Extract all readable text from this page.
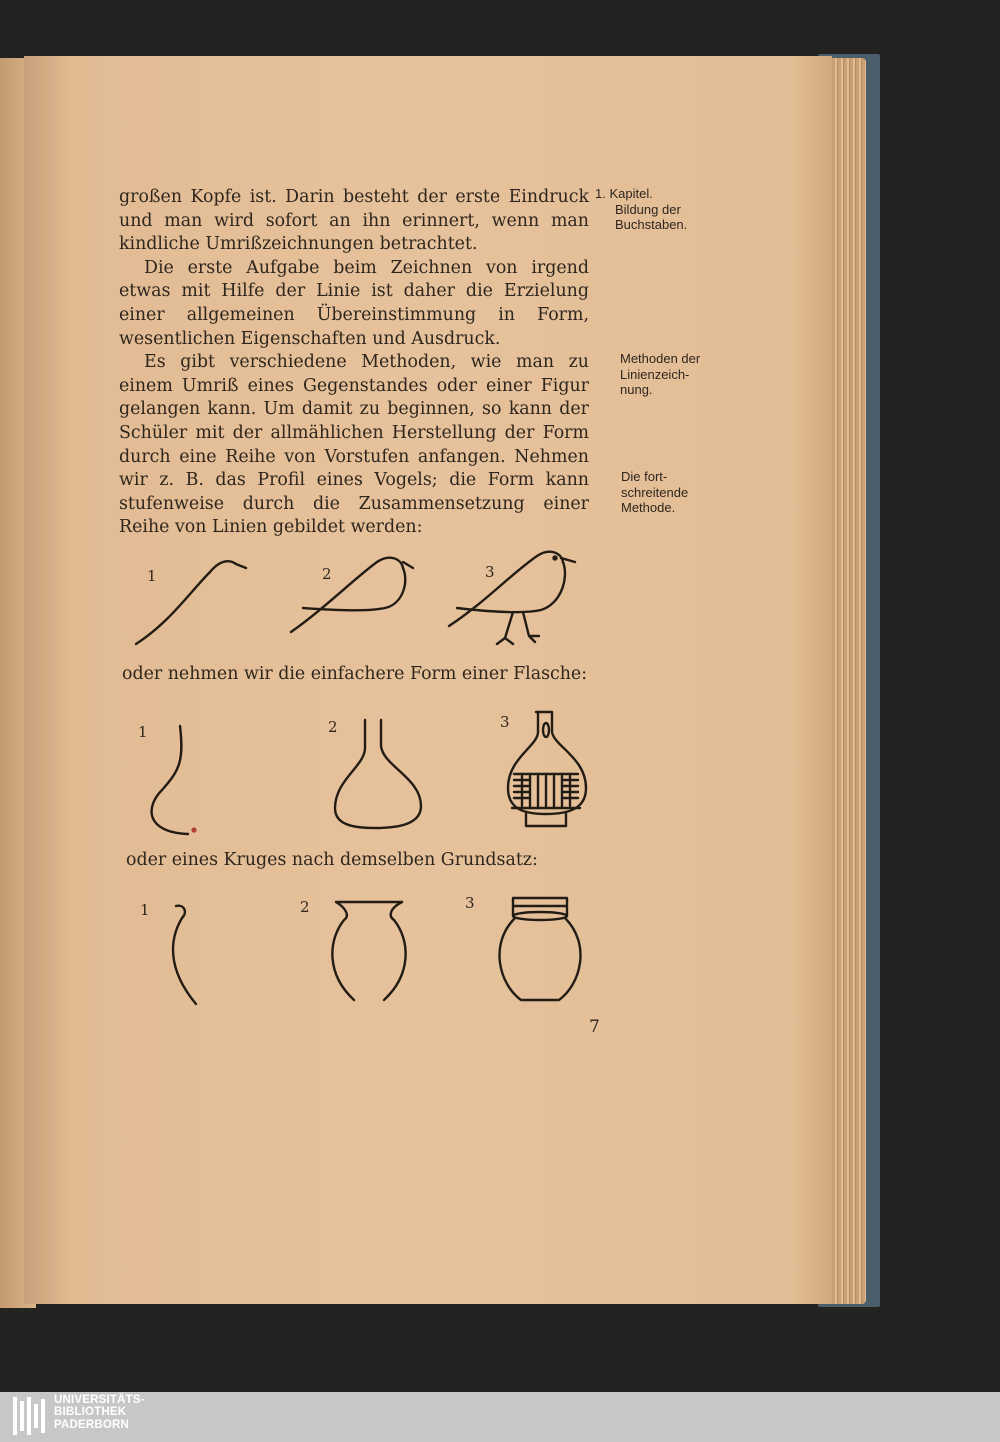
großen Kopfe ist. Darin besteht der erste Eindruck und man wird sofort an ihn erinnert, wenn man kindliche Umrißzeichnungen betrachtet.

Die erste Aufgabe beim Zeichnen von irgend etwas mit Hilfe der Linie ist daher die Erzielung einer allgemeinen Übereinstimmung in Form, wesentlichen Eigenschaften und Ausdruck.

Es gibt verschiedene Methoden, wie man zu einem Umriß eines Gegenstandes oder einer Figur gelangen kann. Um damit zu beginnen, so kann der Schüler mit der allmählichen Herstellung der Form durch eine Reihe von Vorstufen anfangen. Nehmen wir z. B. das Profil eines Vogels; die Form kann stufenweise durch die Zusammensetzung einer Reihe von Linien gebildet werden:

1. Kapitel.
Bildung der
Buchstaben.
Methoden der
Linienzeich-
nung.
Die fort-
schreitende
Methode.
1	2	3
oder nehmen wir die einfachere Form einer Flasche:
1	2	3
oder eines Kruges nach demselben Grundsatz:
1	2	3
7
UNIVERSITÄTS-
BIBLIOTHEK
PADERBORN
